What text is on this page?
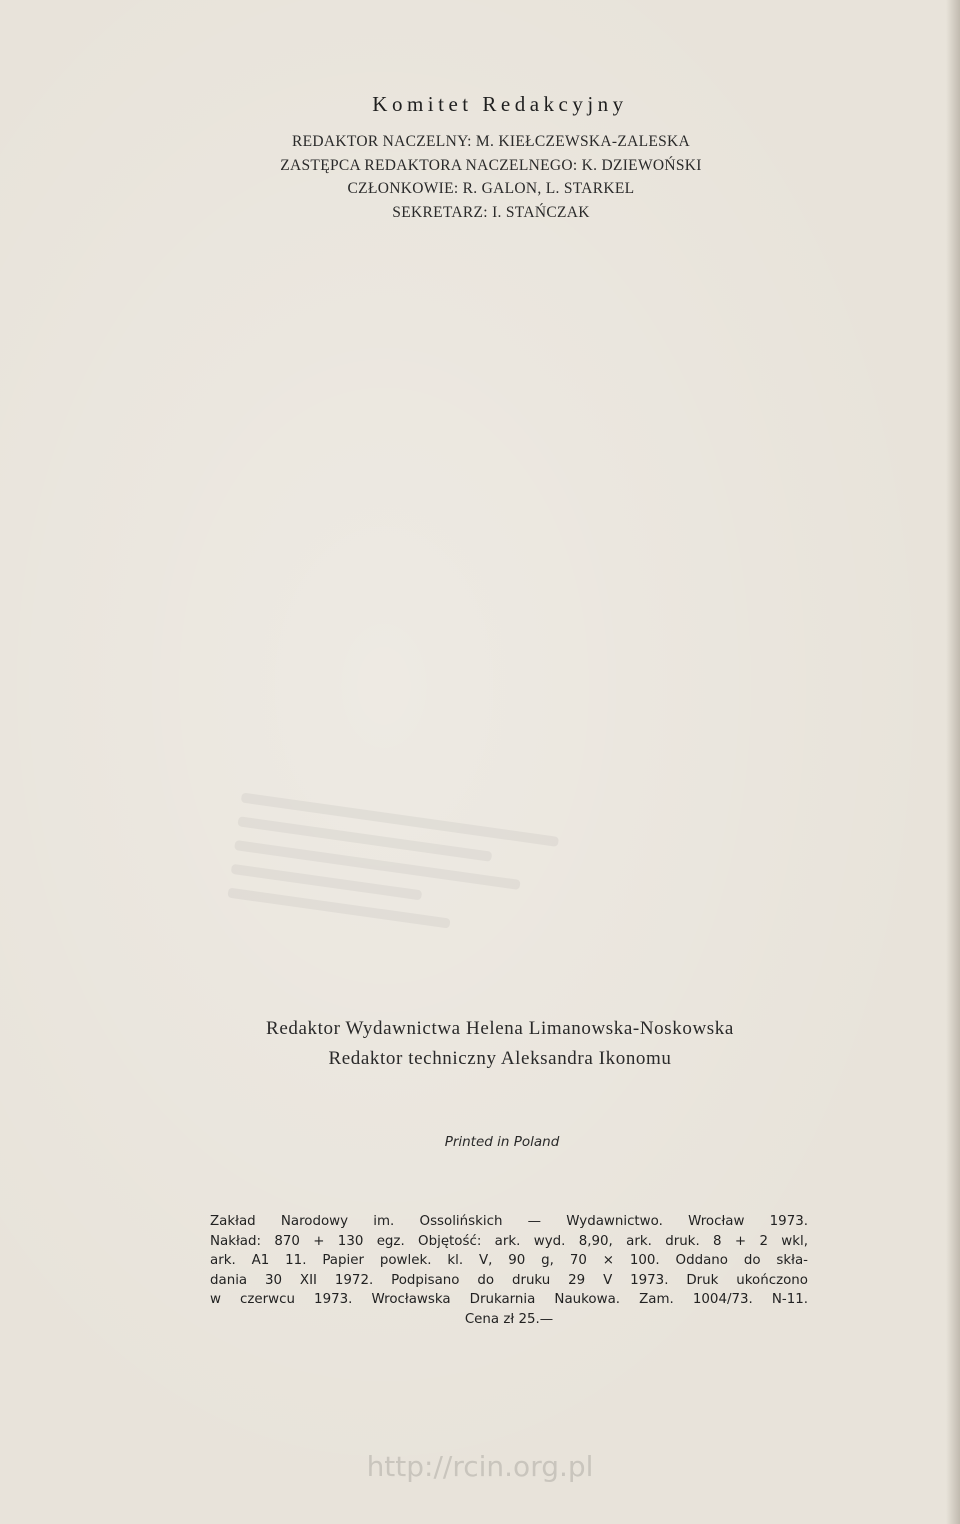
Komitet Redakcyjny
REDAKTOR NACZELNY: M. KIEŁCZEWSKA-ZALESKA
ZASTĘPCA REDAKTORA NACZELNEGO: K. DZIEWOŃSKI
CZŁONKOWIE: R. GALON, L. STARKEL
SEKRETARZ: I. STAŃCZAK
Redaktor Wydawnictwa Helena Limanowska-Noskowska
Redaktor techniczny Aleksandra Ikonomu
Printed in Poland
Zakład Narodowy im. Ossolińskich — Wydawnictwo. Wrocław 1973.
Nakład: 870 + 130 egz. Objętość: ark. wyd. 8,90, ark. druk. 8 + 2 wkl,
ark. A1 11. Papier powlek. kl. V, 90 g, 70 × 100. Oddano do skła-
dania 30 XII 1972. Podpisano do druku 29 V 1973. Druk ukończono
w czerwcu 1973. Wrocławska Drukarnia Naukowa. Zam. 1004/73. N-11.
Cena zł 25.—
http://rcin.org.pl
